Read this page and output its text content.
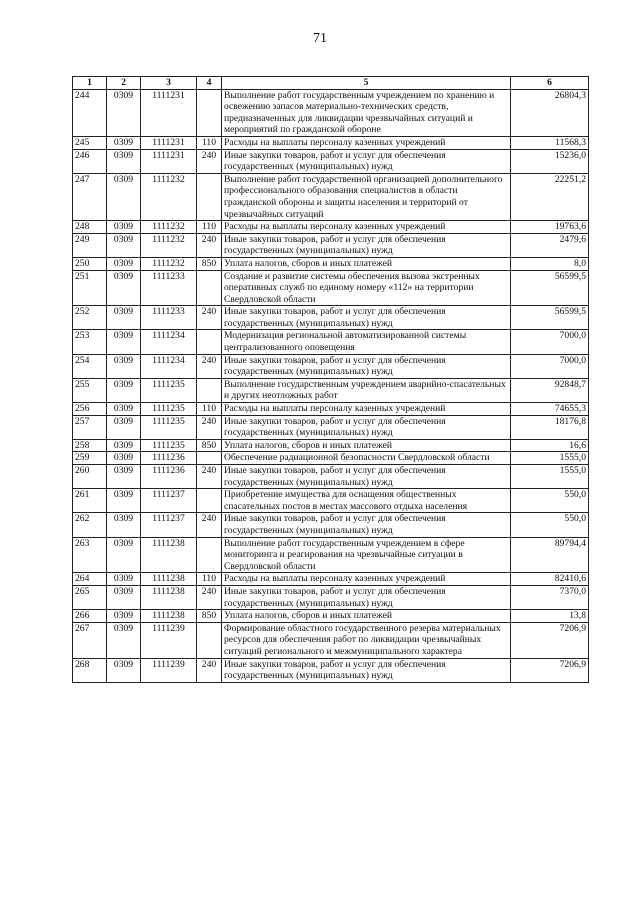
71
1	2	3	4	5	6
244	0309	1111231		Выполнение работ государственным учреждением по хранению и освежению запасов материально-технических средств, предназначенных для ликвидации чрезвычайных ситуаций и мероприятий по гражданской обороне	26804,3
245	0309	1111231	110	Расходы на выплаты персоналу казенных учреждений	11568,3
246	0309	1111231	240	Иные закупки товаров, работ и услуг для обеспечения государственных (муниципальных) нужд	15236,0
247	0309	1111232		Выполнение работ государственной организацией дополнительного профессионального образования специалистов в области гражданской обороны и защиты населения и территорий от чрезвычайных ситуаций	22251,2
248	0309	1111232	110	Расходы на выплаты персоналу казенных учреждений	19763,6
249	0309	1111232	240	Иные закупки товаров, работ и услуг для обеспечения государственных (муниципальных) нужд	2479,6
250	0309	1111232	850	Уплата налогов, сборов и иных платежей	8,0
251	0309	1111233		Создание и развитие системы обеспечения вызова экстренных оперативных служб по единому номеру «112» на территории Свердловской области	56599,5
252	0309	1111233	240	Иные закупки товаров, работ и услуг для обеспечения государственных (муниципальных) нужд	56599,5
253	0309	1111234		Модернизация региональной автоматизированной системы централизованного оповещения	7000,0
254	0309	1111234	240	Иные закупки товаров, работ и услуг для обеспечения государственных (муниципальных) нужд	7000,0
255	0309	1111235		Выполнение государственным учреждением аварийно-спасательных и других неотложных работ	92848,7
256	0309	1111235	110	Расходы на выплаты персоналу казенных учреждений	74655,3
257	0309	1111235	240	Иные закупки товаров, работ и услуг для обеспечения государственных (муниципальных) нужд	18176,8
258	0309	1111235	850	Уплата налогов, сборов и иных платежей	16,6
259	0309	1111236		Обеспечение радиационной безопасности Свердловской области	1555,0
260	0309	1111236	240	Иные закупки товаров, работ и услуг для обеспечения государственных (муниципальных) нужд	1555,0
261	0309	1111237		Приобретение имущества для оснащения общественных спасательных постов в местах массового отдыха населения	550,0
262	0309	1111237	240	Иные закупки товаров, работ и услуг для обеспечения государственных (муниципальных) нужд	550,0
263	0309	1111238		Выполнение работ государственным учреждением в сфере мониторинга и реагирования на чрезвычайные ситуации в Свердловской области	89794,4
264	0309	1111238	110	Расходы на выплаты персоналу казенных учреждений	82410,6
265	0309	1111238	240	Иные закупки товаров, работ и услуг для обеспечения государственных (муниципальных) нужд	7370,0
266	0309	1111238	850	Уплата налогов, сборов и иных платежей	13,8
267	0309	1111239		Формирование областного государственного резерва материальных ресурсов для обеспечения работ по ликвидации чрезвычайных ситуаций регионального и межмуниципального характера	7206,9
268	0309	1111239	240	Иные закупки товаров, работ и услуг для обеспечения государственных (муниципальных) нужд	7206,9
